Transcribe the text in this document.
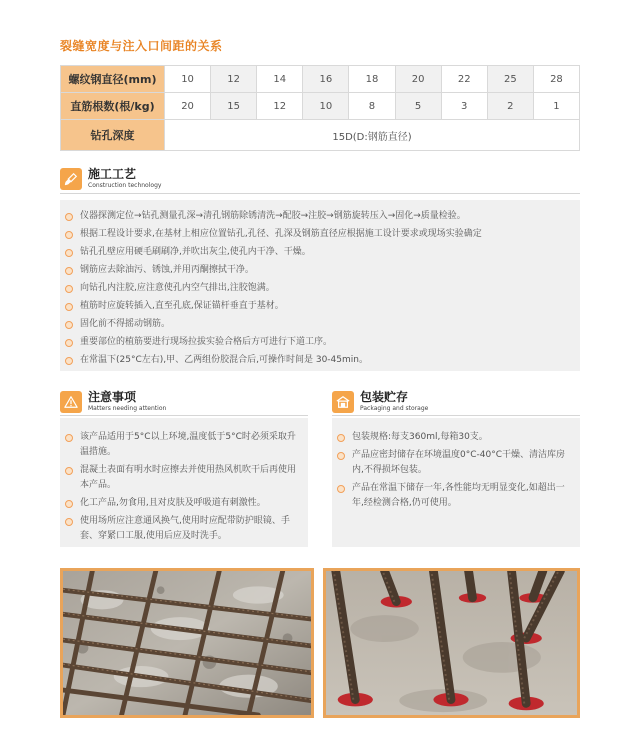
裂缝宽度与注入口间距的关系
螺纹钢直径(mm)	10	12	14	16	18	20	22	25	28
直筋根数(根/kg)	20	15	12	10	8	5	3	2	1
钻孔深度	15D(D:钢筋直径)								
施工工艺
Construction technology
仪器探测定位→钻孔测量孔深→清孔钢筋除锈清洗→配胶→注胶→钢筋旋转压入→固化→质量检验。
根据工程设计要求,在基材上相应位置钻孔,孔径、孔深及钢筋直径应根据施工设计要求或现场实验确定
钻孔孔壁应用硬毛刷刷净,并吹出灰尘,使孔内干净、干燥。
钢筋应去除油污、锈蚀,并用丙酮擦拭干净。
向钻孔内注胶,应注意使孔内空气排出,注胶饱满。
植筋时应旋转插入,直至孔底,保证锚杆垂直于基材。
固化前不得摇动钢筋。
重要部位的植筋要进行现场拉拔实验合格后方可进行下道工序。
在常温下(25°C左右),甲、乙两组份胶混合后,可操作时间是 30-45min。
注意事项
Matters needing attention
该产品适用于5°C以上环境,温度低于5°C时必须采取升温措施。
混凝土表面有明水时应擦去并使用热风机吹干后再使用本产品。
化工产品,勿食用,且对皮肤及呼吸道有刺激性。
使用场所应注意通风换气,使用时应配带防护眼镜、手套、穿紧口工服,使用后应及时洗手。
包装贮存
Packaging and storage
包装规格:每支360ml,每箱30支。
产品应密封储存在环境温度0°C-40°C干燥、清洁库房内,不得损坏包装。
产品在常温下储存一年,各性能均无明显变化,如超出一年,经检测合格,仍可使用。
